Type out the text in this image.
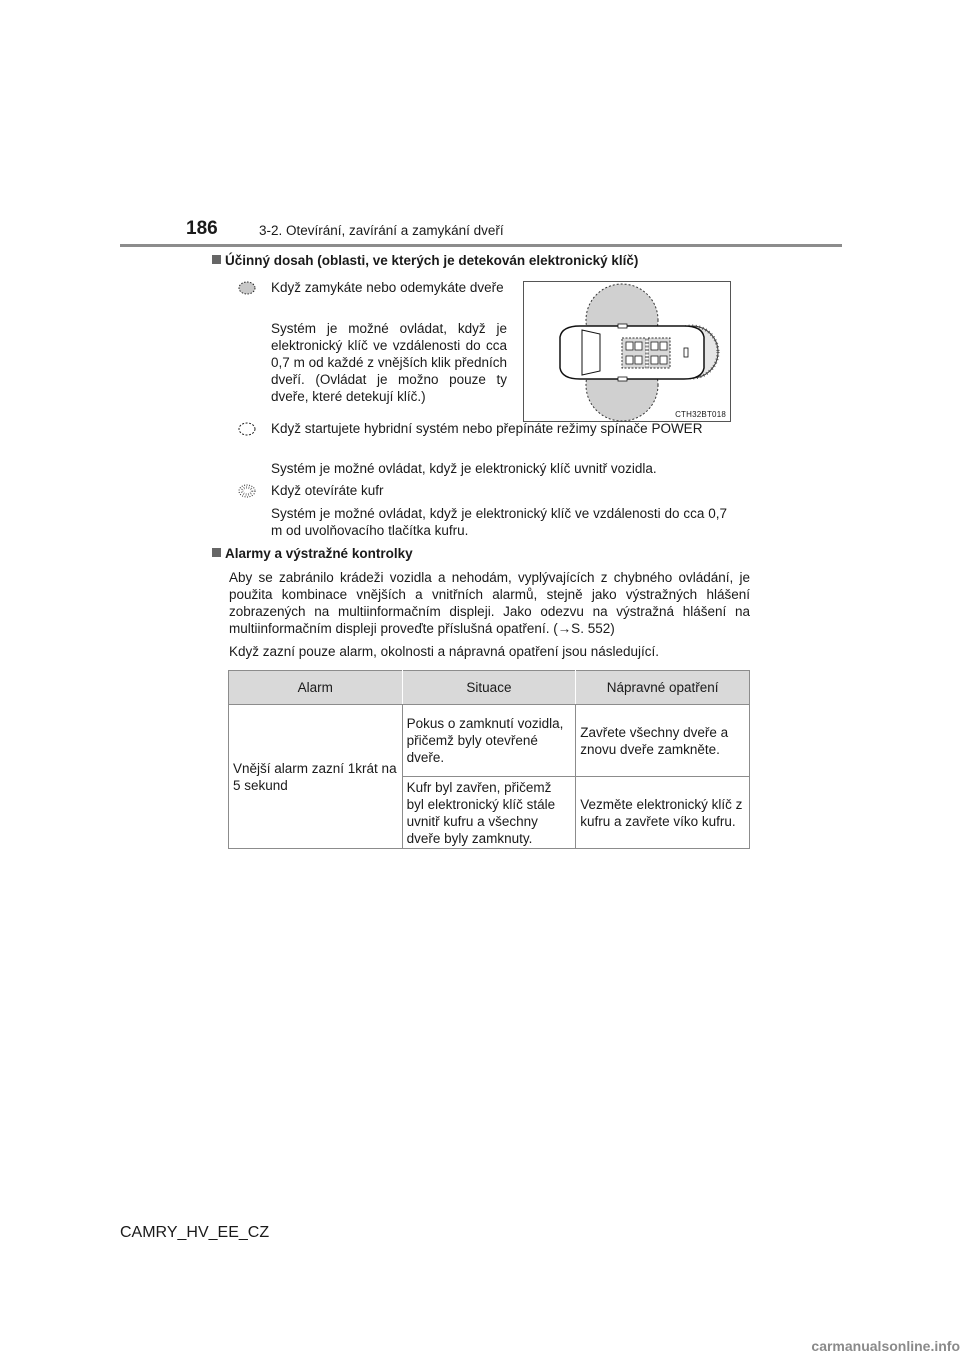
186	3-2. Otevírání, zavírání a zamykání dveří
Účinný dosah (oblasti, ve kterých je detekován elektronický klíč)
Když zamykáte nebo odemykáte dveře
Systém je možné ovládat, když je elektronický klíč ve vzdálenosti do cca 0,7 m od každé z vnějších klik předních dveří. (Ovládat je možno pouze ty dveře, které detekují klíč.)
CTH32BT018
Když startujete hybridní systém nebo přepínáte režimy spínače POWER
Systém je možné ovládat, když je elektronický klíč uvnitř vozidla.
Když otevíráte kufr
Systém je možné ovládat, když je elektronický klíč ve vzdálenosti do cca 0,7 m od uvolňovacího tlačítka kufru.
Alarmy a výstražné kontrolky
Aby se zabránilo krádeži vozidla a nehodám, vyplývajících z chybného ovládání, je použita kombinace vnějších a vnitřních alarmů, stejně jako výstražných hlášení zobrazených na multiinformačním displeji. Jako odezvu na výstražná hlášení na multiinformačním displeji proveďte příslušná opatření. (→S. 552)
Když zazní pouze alarm, okolnosti a nápravná opatření jsou následující.
Alarm	Situace	Nápravné opatření
Vnější alarm zazní 1krát na 5 sekund	Pokus o zamknutí vozidla, přičemž byly otevřené dveře.	Zavřete všechny dveře a znovu dveře zamkněte.
	Kufr byl zavřen, přičemž byl elektronický klíč stále uvnitř kufru a všechny dveře byly zamknuty.	Vezměte elektronický klíč z kufru a zavřete víko kufru.
CAMRY_HV_EE_CZ
carmanualsonline.info
